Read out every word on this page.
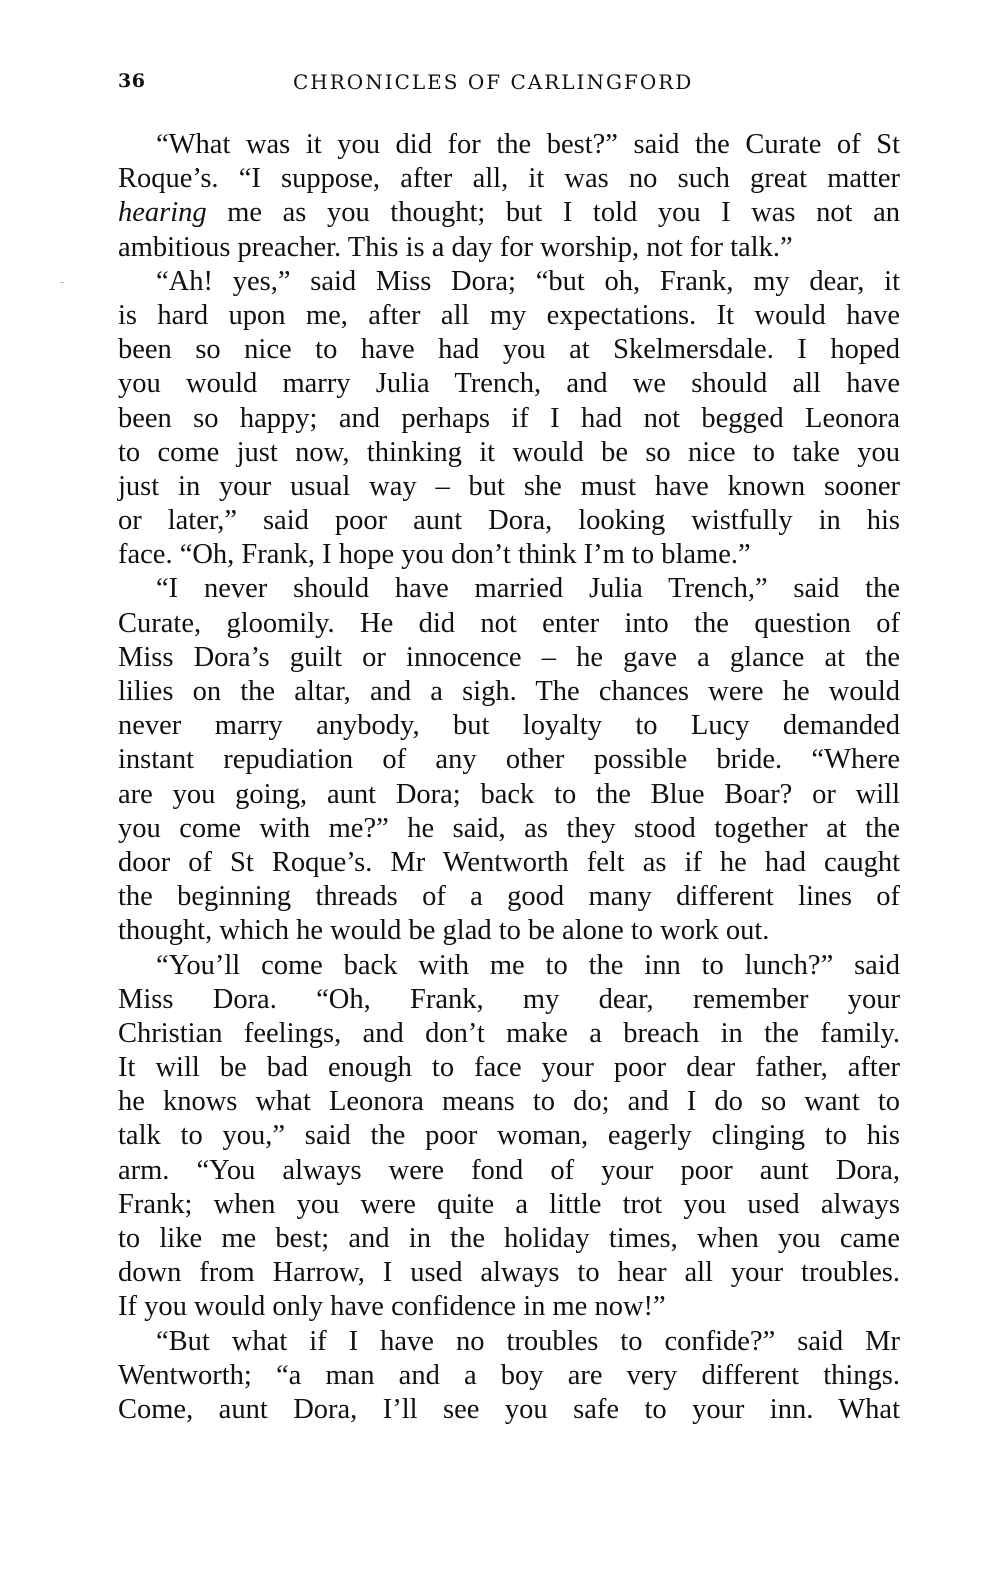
36	CHRONICLES OF CARLINGFORD
“What was it you did for the best?” said the Curate of St
Roque’s. “I suppose, after all, it was no such great matter
hearing me as you thought; but I told you I was not an
ambitious preacher. This is a day for worship, not for talk.”
“Ah! yes,” said Miss Dora; “but oh, Frank, my dear, it
is hard upon me, after all my expectations. It would have
been so nice to have had you at Skelmersdale. I hoped
you would marry Julia Trench, and we should all have
been so happy; and perhaps if I had not begged Leonora
to come just now, thinking it would be so nice to take you
just in your usual way – but she must have known sooner
or later,” said poor aunt Dora, looking wistfully in his
face. “Oh, Frank, I hope you don’t think I’m to blame.”
“I never should have married Julia Trench,” said the
Curate, gloomily. He did not enter into the question of
Miss Dora’s guilt or innocence – he gave a glance at the
lilies on the altar, and a sigh. The chances were he would
never marry anybody, but loyalty to Lucy demanded
instant repudiation of any other possible bride. “Where
are you going, aunt Dora; back to the Blue Boar? or will
you come with me?” he said, as they stood together at the
door of St Roque’s. Mr Wentworth felt as if he had caught
the beginning threads of a good many different lines of
thought, which he would be glad to be alone to work out.
“You’ll come back with me to the inn to lunch?” said
Miss Dora. “Oh, Frank, my dear, remember your
Christian feelings, and don’t make a breach in the family.
It will be bad enough to face your poor dear father, after
he knows what Leonora means to do; and I do so want to
talk to you,” said the poor woman, eagerly clinging to his
arm. “You always were fond of your poor aunt Dora,
Frank; when you were quite a little trot you used always
to like me best; and in the holiday times, when you came
down from Harrow, I used always to hear all your troubles.
If you would only have confidence in me now!”
“But what if I have no troubles to confide?” said Mr
Wentworth; “a man and a boy are very different things.
Come, aunt Dora, I’ll see you safe to your inn. What
